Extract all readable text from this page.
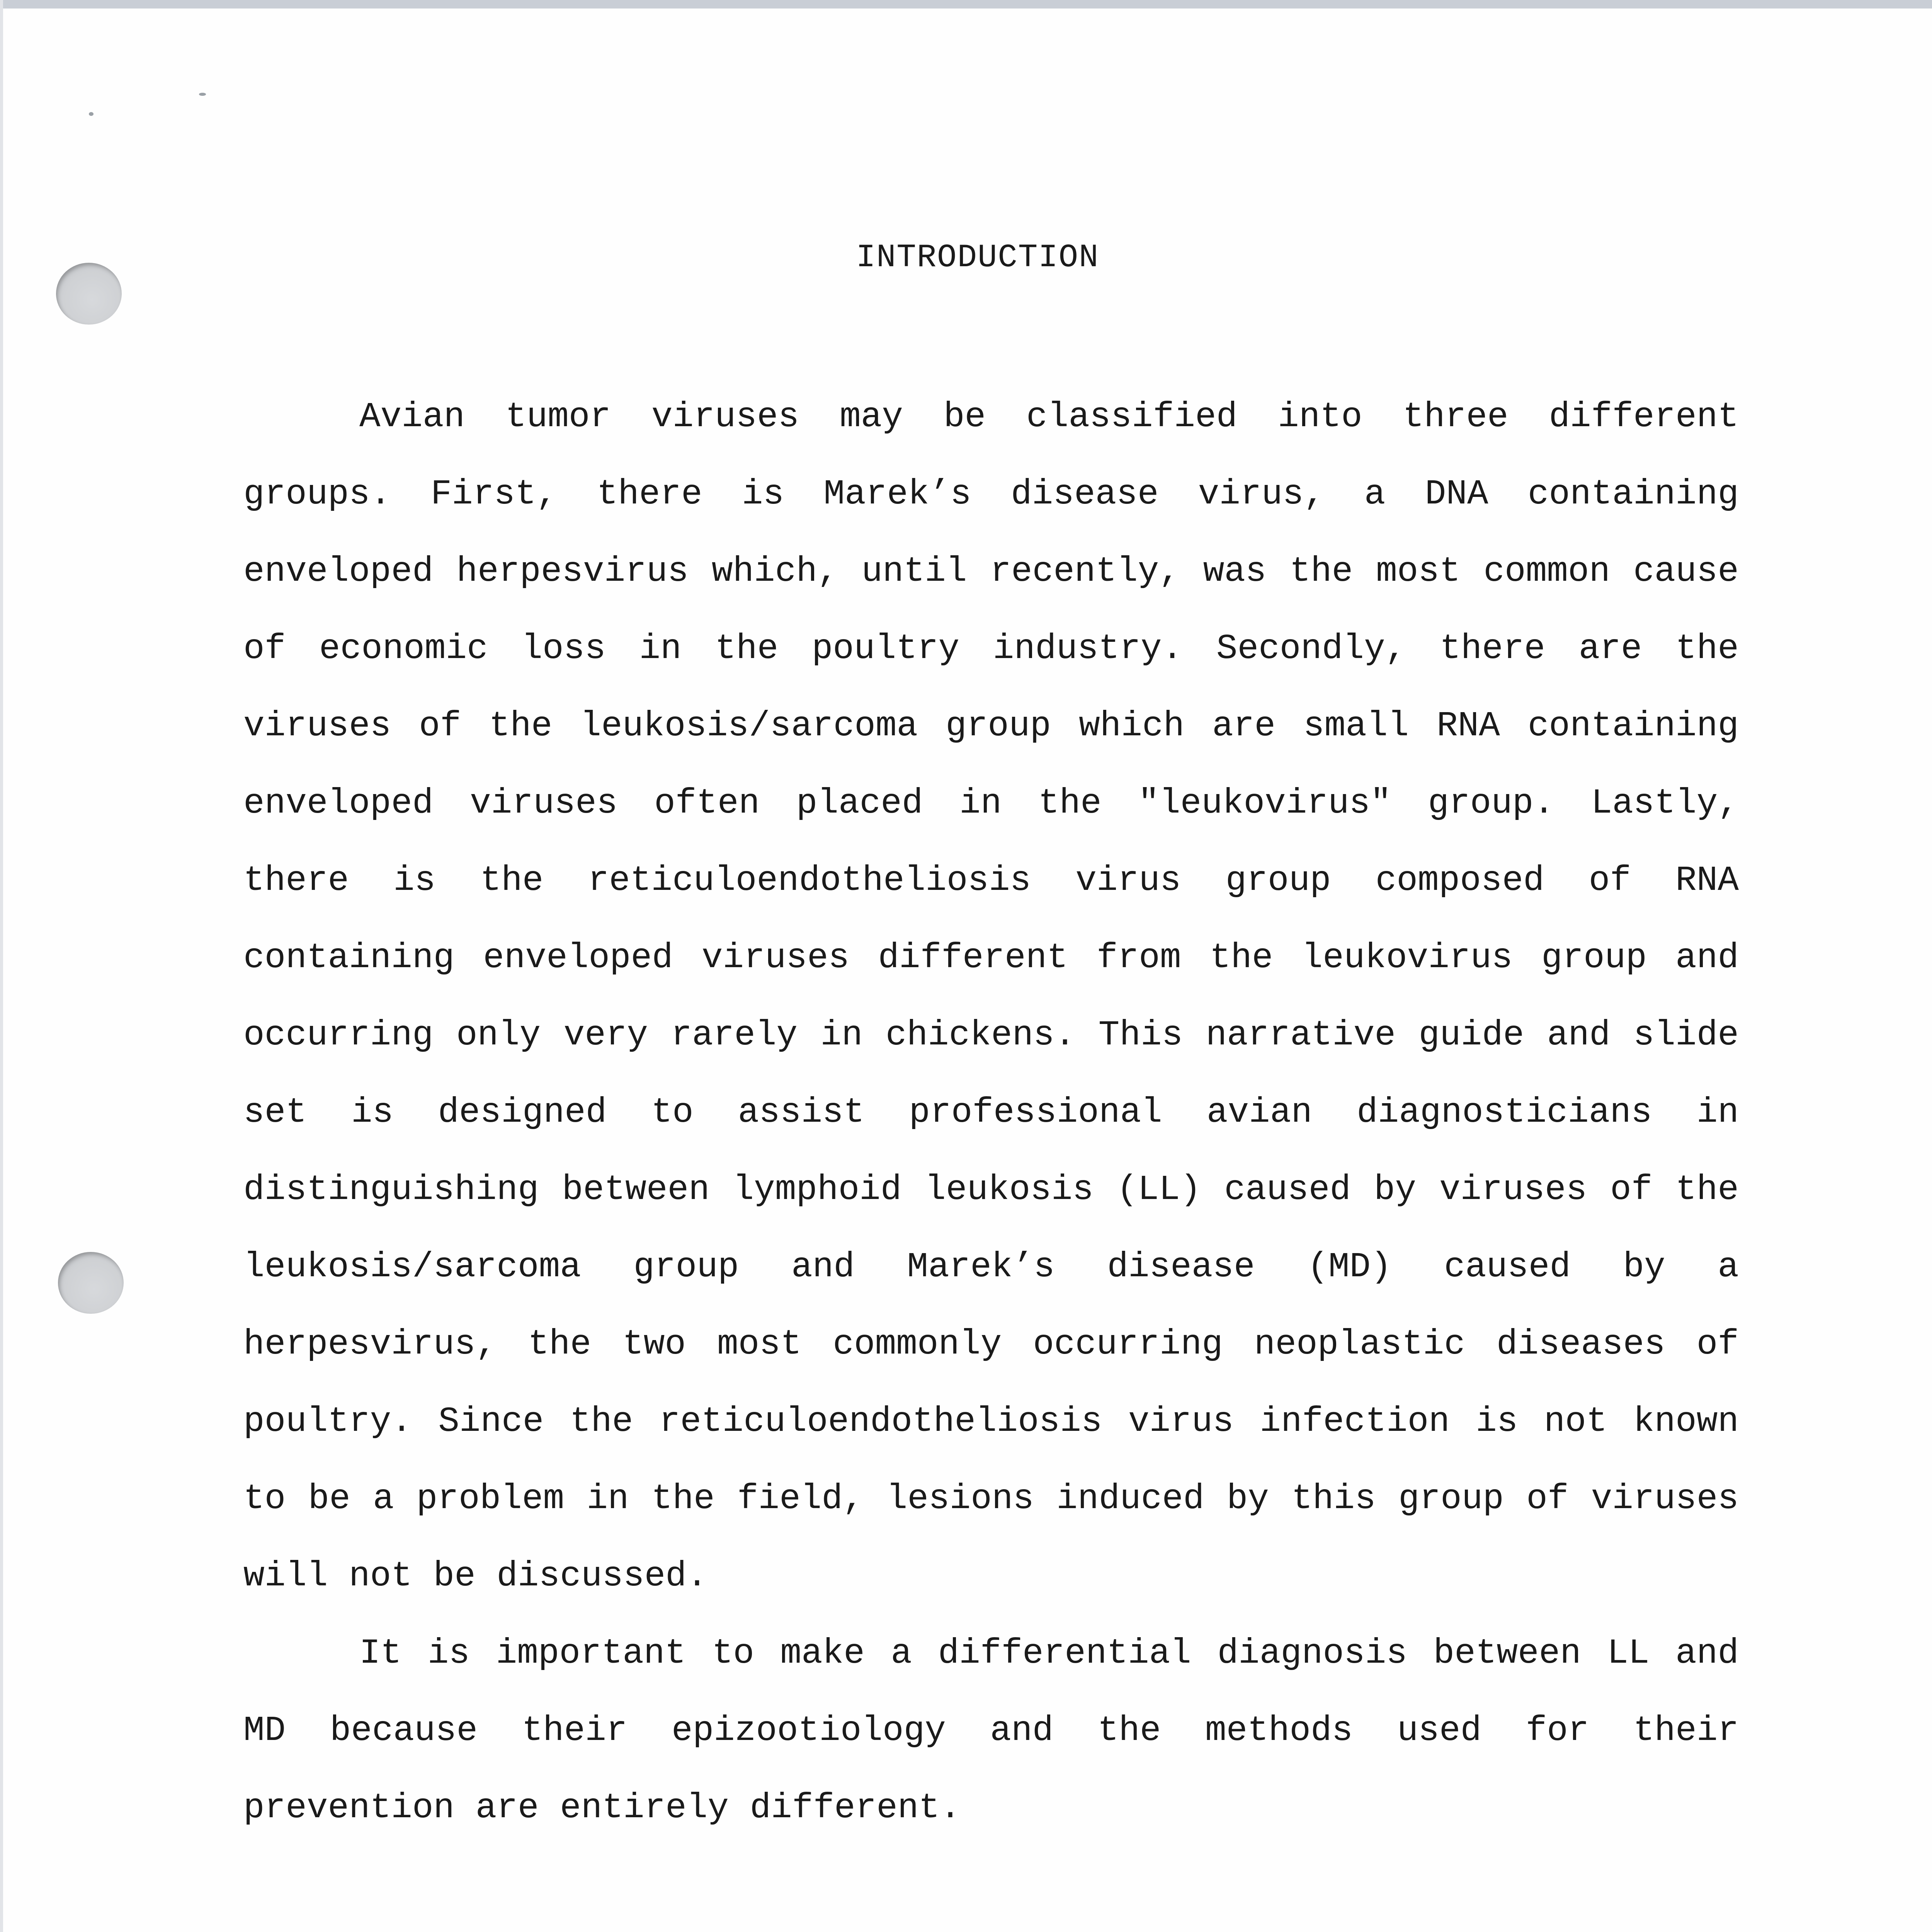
INTRODUCTION

Avian tumor viruses may be classified into three different groups. First, there is Marek’s disease virus, a DNA containing enveloped herpesvirus which, until recently, was the most common cause of economic loss in the poultry industry. Secondly, there are the viruses of the leukosis/sarcoma group which are small RNA containing enveloped viruses often placed in the "leukovirus" group. Lastly, there is the reticuloendotheliosis virus group composed of RNA containing enveloped viruses different from the leukovirus group and occurring only very rarely in chickens. This narrative guide and slide set is designed to assist professional avian diagnosticians in distinguishing between lymphoid leukosis (LL) caused by viruses of the leukosis/sarcoma group and Marek’s disease (MD) caused by a herpesvirus, the two most commonly occurring neoplastic diseases of poultry. Since the reticuloendotheliosis virus infection is not known to be a problem in the field, lesions induced by this group of viruses will not be discussed.

It is important to make a differential diagnosis between LL and MD because their epizootiology and the methods used for their prevention are entirely different.
